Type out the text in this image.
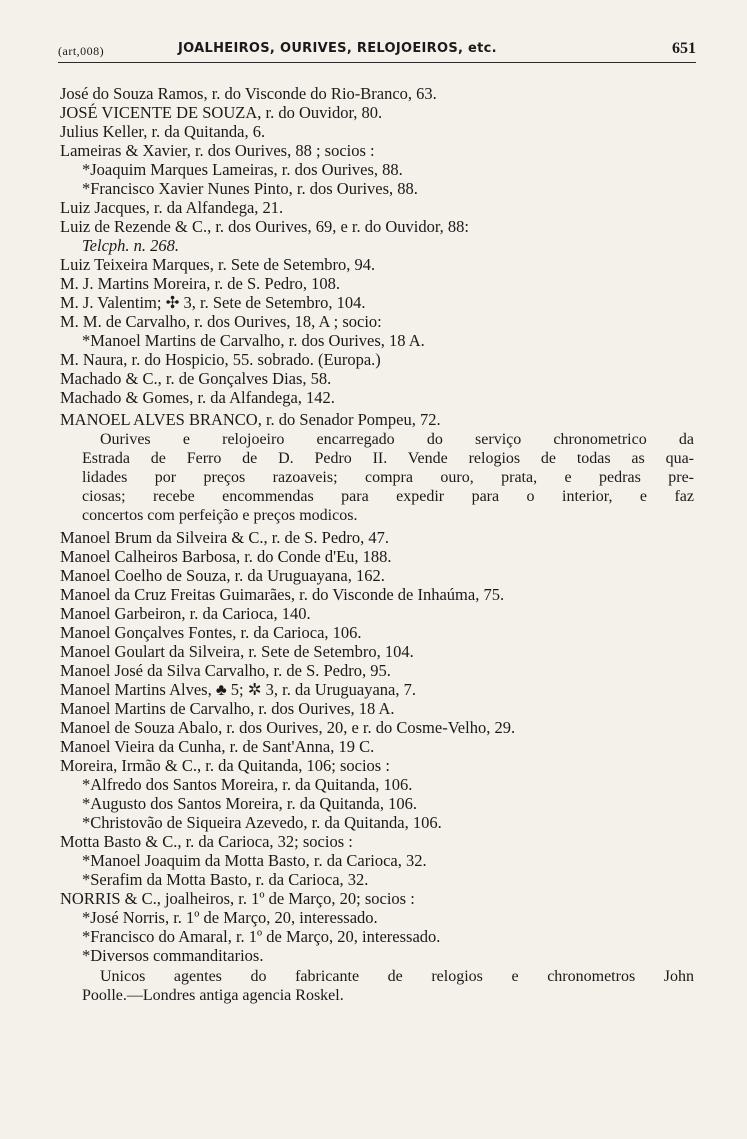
(art,008)	JOALHEIROS, OURIVES, RELOJOEIROS, etc.	651
José do Souza Ramos, r. do Visconde do Rio-Branco, 63.
JOSÉ VICENTE DE SOUZA, r. do Ouvidor, 80.
Julius Keller, r. da Quitanda, 6.
Lameiras & Xavier, r. dos Ourives, 88 ; socios :
*Joaquim Marques Lameiras, r. dos Ourives, 88.
*Francisco Xavier Nunes Pinto, r. dos Ourives, 88.
Luiz Jacques, r. da Alfandega, 21.
Luiz de Rezende & C., r. dos Ourives, 69, e r. do Ouvidor, 88:
Telcph. n. 268.
Luiz Teixeira Marques, r. Sete de Setembro, 94.
M. J. Martins Moreira, r. de S. Pedro, 108.
M. J. Valentim; ✣ 3, r. Sete de Setembro, 104.
M. M. de Carvalho, r. dos Ourives, 18, A ; socio:
*Manoel Martins de Carvalho, r. dos Ourives, 18 A.
M. Naura, r. do Hospicio, 55. sobrado. (Europa.)
Machado & C., r. de Gonçalves Dias, 58.
Machado & Gomes, r. da Alfandega, 142.
MANOEL ALVES BRANCO, r. do Senador Pompeu, 72.
Ourives e relojoeiro encarregado do serviço chronometrico da
Estrada de Ferro de D. Pedro II. Vende relogios de todas as qua-
lidades por preços razoaveis; compra ouro, prata, e pedras pre-
ciosas; recebe encommendas para expedir para o interior, e faz
concertos com perfeição e preços modicos.
Manoel Brum da Silveira & C., r. de S. Pedro, 47.
Manoel Calheiros Barbosa, r. do Conde d'Eu, 188.
Manoel Coelho de Souza, r. da Uruguayana, 162.
Manoel da Cruz Freitas Guimarães, r. do Visconde de Inhaúma, 75.
Manoel Garbeiron, r. da Carioca, 140.
Manoel Gonçalves Fontes, r. da Carioca, 106.
Manoel Goulart da Silveira, r. Sete de Setembro, 104.
Manoel José da Silva Carvalho, r. de S. Pedro, 95.
Manoel Martins Alves, ♣ 5; ✲ 3, r. da Uruguayana, 7.
Manoel Martins de Carvalho, r. dos Ourives, 18 A.
Manoel de Souza Abalo, r. dos Ourives, 20, e r. do Cosme-Velho, 29.
Manoel Vieira da Cunha, r. de Sant'Anna, 19 C.
Moreira, Irmão & C., r. da Quitanda, 106; socios :
*Alfredo dos Santos Moreira, r. da Quitanda, 106.
*Augusto dos Santos Moreira, r. da Quitanda, 106.
*Christovão de Siqueira Azevedo, r. da Quitanda, 106.
Motta Basto & C., r. da Carioca, 32; socios :
*Manoel Joaquim da Motta Basto, r. da Carioca, 32.
*Serafim da Motta Basto, r. da Carioca, 32.
NORRIS & C., joalheiros, r. 1º de Março, 20; socios :
*José Norris, r. 1º de Março, 20, interessado.
*Francisco do Amaral, r. 1º de Março, 20, interessado.
*Diversos commanditarios.
Unicos agentes do fabricante de relogios e chronometros John
Poolle.—Londres antiga agencia Roskel.
